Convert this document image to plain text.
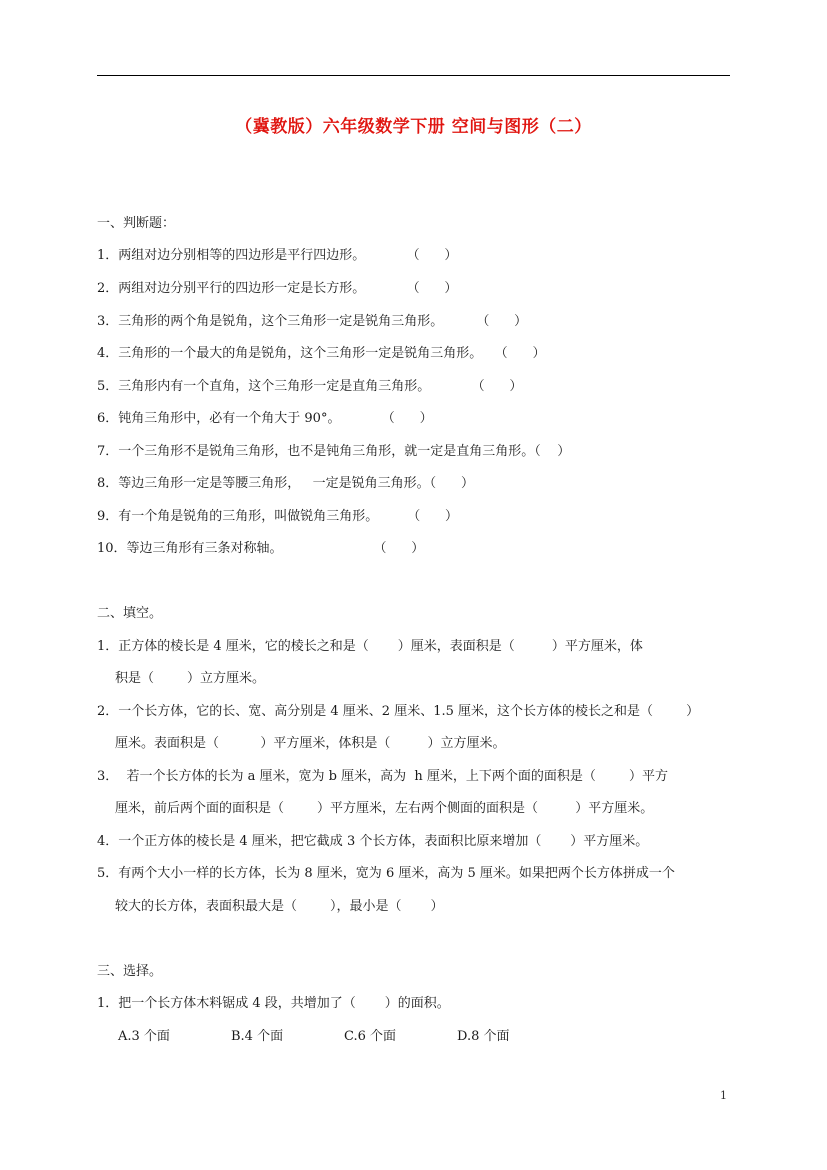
（冀教版）六年级数学下册 空间与图形（二）
一、判断题：
1．两组对边分别相等的四边形是平行四边形。          （      ）
2．两组对边分别平行的四边形一定是长方形。          （      ）
3．三角形的两个角是锐角，这个三角形一定是锐角三角形。        （      ）
4．三角形的一个最大的角是锐角，这个三角形一定是锐角三角形。   （      ）
5．三角形内有一个直角，这个三角形一定是直角三角形。          （      ）
6．钝角三角形中，必有一个角大于 90°。          （      ）
7．一个三角形不是锐角三角形，也不是钝角三角形，就一定是直角三角形。（    ）
8．等边三角形一定是等腰三角形，   一定是锐角三角形。（      ）
9．有一个角是锐角的三角形，叫做锐角三角形。       （      ）
10．等边三角形有三条对称轴。                      （      ）
二、填空。
1．正方体的棱长是 4 厘米，它的棱长之和是（       ）厘米，表面积是（         ）平方厘米，体
积是（        ）立方厘米。
2．一个长方体，它的长、宽、高分别是 4 厘米、2 厘米、1.5 厘米，这个长方体的棱长之和是（        ）
厘米。表面积是（          ）平方厘米，体积是（         ）立方厘米。
3．  若一个长方体的长为 a 厘米，宽为 b 厘米，高为  h 厘米，上下两个面的面积是（        ）平方
厘米，前后两个面的面积是（        ）平方厘米，左右两个侧面的面积是（         ）平方厘米。
4．一个正方体的棱长是 4 厘米，把它截成 3 个长方体，表面积比原来增加（       ）平方厘米。
5．有两个大小一样的长方体，长为 8 厘米，宽为 6 厘米，高为 5 厘米。如果把两个长方体拼成一个
较大的长方体，表面积最大是（        ），最小是（       ）
三、选择。
1．把一个长方体木料锯成 4 段，共增加了（       ）的面积。
A.3 个面	B.4 个面	C.6 个面	D.8 个面
1
